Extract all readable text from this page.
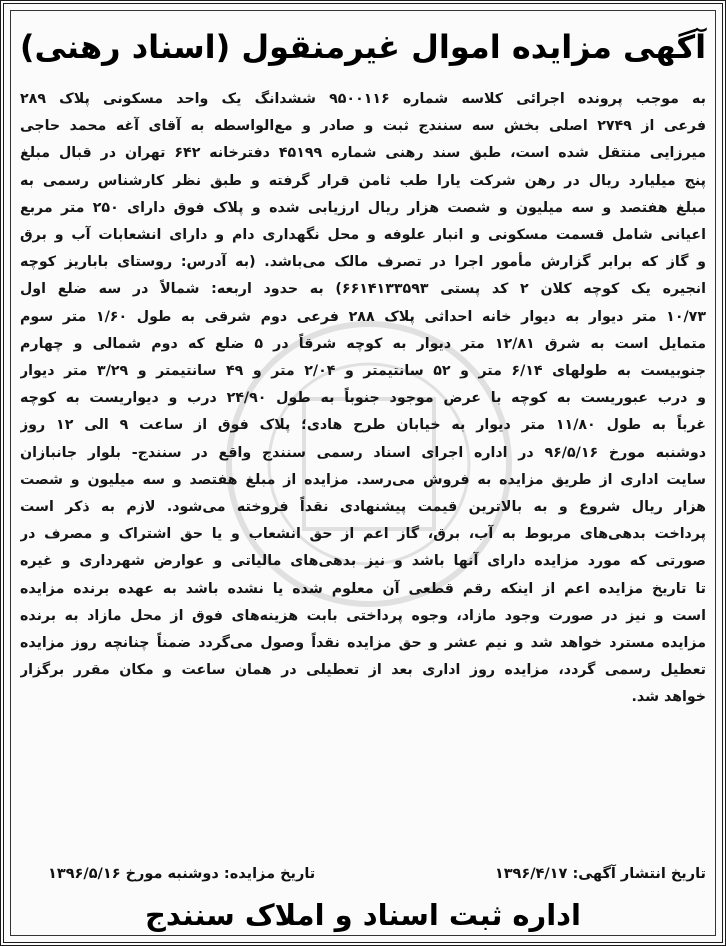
آگهی مزایده اموال غیرمنقول (اسناد رهنی)
به موجب پرونده اجرائی کلاسه شماره ۹۵۰۰۱۱۶ ششدانگ یک واحد مسکونی پلاک ۲۸۹
فرعی از ۲۷۴۹ اصلی بخش سه سنندج ثبت و صادر و مع‌الواسطه به آقای آغه محمد حاجی
میرزایی منتقل شده است، طبق سند رهنی شماره ۴۵۱۹۹ دفترخانه ۶۴۲ تهران در قبال مبلغ
پنج میلیارد ریال در رهن شرکت یارا طب ثامن قرار گرفته و طبق نظر کارشناس رسمی به
مبلغ هفتصد و سه میلیون و شصت هزار ریال ارزیابی شده و پلاک فوق دارای ۲۵۰ متر مربع
اعیانی شامل قسمت مسکونی و انبار علوفه و محل نگهداری دام و دارای انشعابات آب و برق
و گاز که برابر گزارش مأمور اجرا در تصرف مالک می‌باشد. (به آدرس: روستای باباریز کوچه
انجیره یک کوچه کلان ۲ کد پستی ۶۶۱۴۱۳۳۵۹۳) به حدود اربعه: شمالاً در سه ضلع اول
۱۰/۷۳ متر دیوار به دیوار خانه احداثی پلاک ۲۸۸ فرعی دوم شرقی به طول ۱/۶۰ متر سوم
متمایل است به شرق ۱۲/۸۱ متر دیوار به کوچه شرقاً در ۵ ضلع که دوم شمالی و چهارم
جنوبیست به طولهای ۶/۱۴ متر و ۵۲ سانتیمتر و ۲/۰۴ متر و ۴۹ سانتیمتر و ۳/۲۹ متر دیوار
و درب عبوریست به کوچه با عرض موجود جنوباً به طول ۲۴/۹۰ درب و دیواریست به کوچه
غرباً به طول ۱۱/۸۰ متر دیوار به خیابان طرح هادی؛ پلاک فوق از ساعت ۹ الی ۱۲ روز
دوشنبه مورخ ۹۶/۵/۱۶ در اداره اجرای اسناد رسمی سنندج واقع در سنندج- بلوار جانبازان
سایت اداری از طریق مزایده به فروش می‌رسد. مزایده از مبلغ هفتصد و سه میلیون و شصت
هزار ریال شروع و به بالاترین قیمت پیشنهادی نقداً فروخته می‌شود. لازم به ذکر است
پرداخت بدهی‌های مربوط به آب، برق، گاز اعم از حق انشعاب و یا حق اشتراک و مصرف در
صورتی که مورد مزایده دارای آنها باشد و نیز بدهی‌های مالیاتی و عوارض شهرداری و غیره
تا تاریخ مزایده اعم از اینکه رقم قطعی آن معلوم شده یا نشده باشد به عهده برنده مزایده
است و نیز در صورت وجود مازاد، وجوه پرداختی بابت هزینه‌های فوق از محل مازاد به برنده
مزایده مسترد خواهد شد و نیم عشر و حق مزایده نقداً وصول می‌گردد ضمناً چنانچه روز مزایده
تعطیل رسمی گردد، مزایده روز اداری بعد از تعطیلی در همان ساعت و مکان مقرر برگزار
خواهد شد.
تاریخ انتشار آگهی: ۱۳۹۶/۴/۱۷
تاریخ مزایده: دوشنبه مورخ ۱۳۹۶/۵/۱۶
اداره ثبت اسناد و املاک سنندج
